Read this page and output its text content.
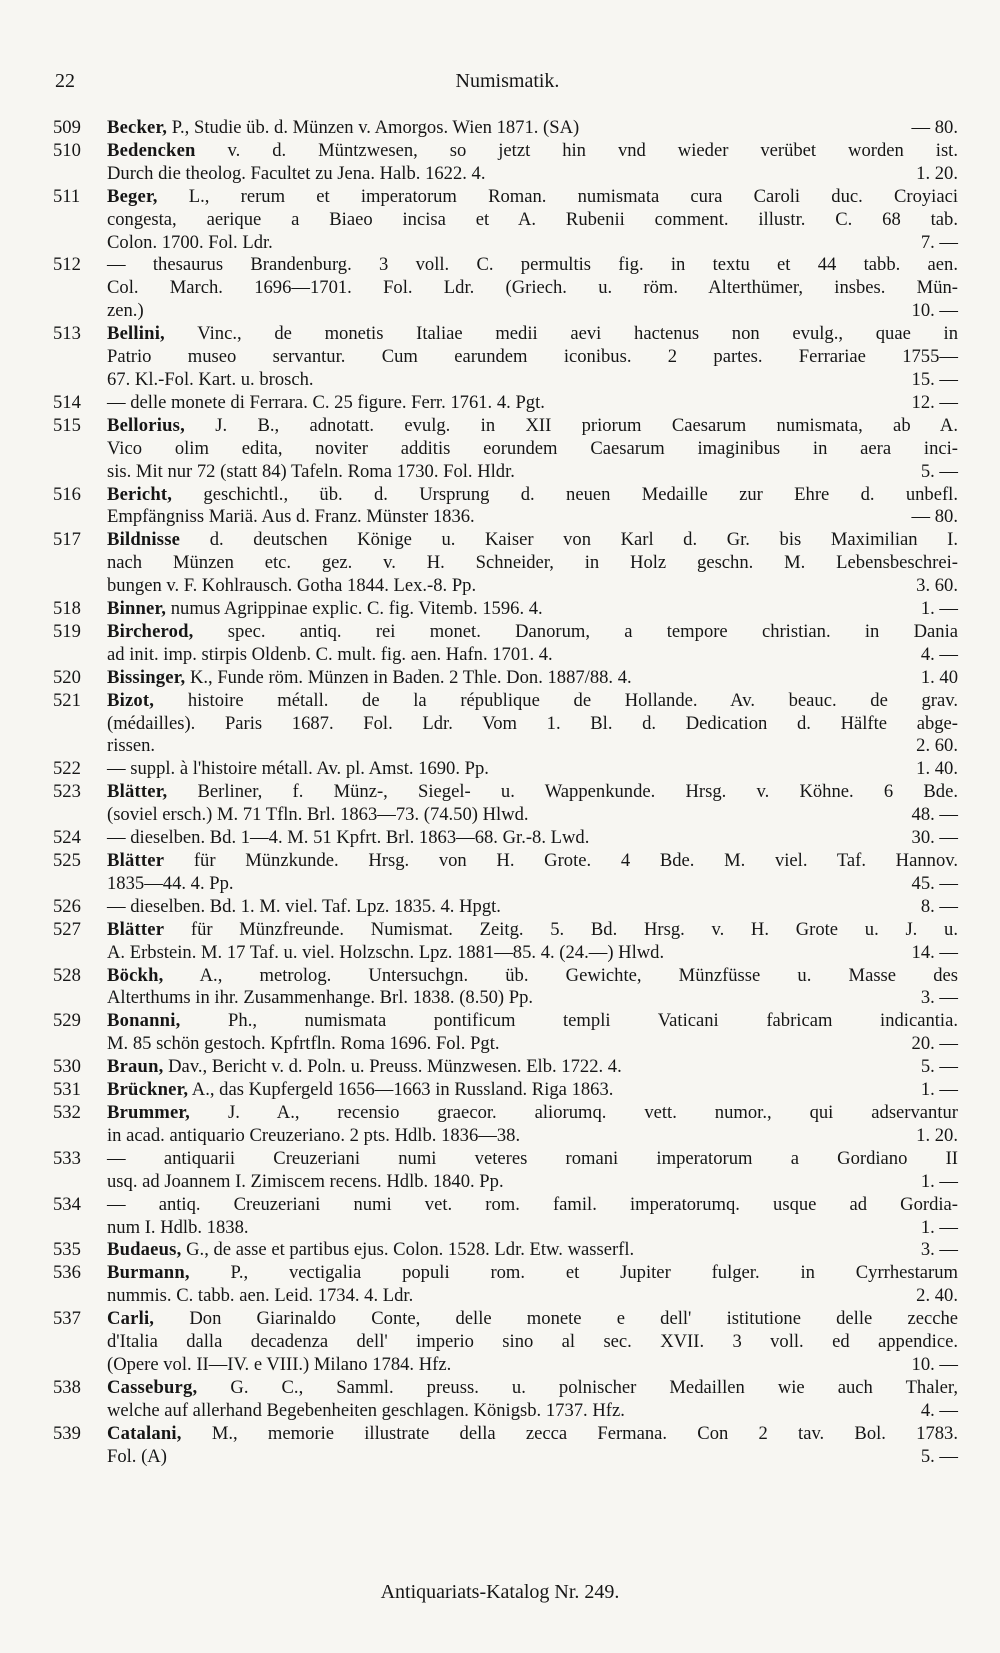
22	Numismatik.
509	Becker, P., Studie üb. d. Münzen v. Amorgos. Wien 1871. (SA)	— 80.
510	Bedencken v. d. Müntzwesen, so jetzt hin vnd wieder verübet worden ist.
Durch die theolog. Facultet zu Jena. Halb. 1622. 4.	1. 20.
511	Beger, L., rerum et imperatorum Roman. numismata cura Caroli duc. Croyiaci
congesta, aerique a Biaeo incisa et A. Rubenii comment. illustr. C. 68 tab.
Colon. 1700. Fol. Ldr.	7. —
512	— thesaurus Brandenburg. 3 voll. C. permultis fig. in textu et 44 tabb. aen.
Col. March. 1696—1701. Fol. Ldr. (Griech. u. röm. Alterthümer, insbes. Mün-
zen.)	10. —
513	Bellini, Vinc., de monetis Italiae medii aevi hactenus non evulg., quae in
Patrio museo servantur. Cum earundem iconibus. 2 partes. Ferrariae 1755—
67. Kl.-Fol. Kart. u. brosch.	15. —
514	— delle monete di Ferrara. C. 25 figure. Ferr. 1761. 4. Pgt.	12. —
515	Bellorius, J. B., adnotatt. evulg. in XII priorum Caesarum numismata, ab A.
Vico olim edita, noviter additis eorundem Caesarum imaginibus in aera inci-
sis. Mit nur 72 (statt 84) Tafeln. Roma 1730. Fol. Hldr.	5. —
516	Bericht, geschichtl., üb. d. Ursprung d. neuen Medaille zur Ehre d. unbefl.
Empfängniss Mariä. Aus d. Franz. Münster 1836.	— 80.
517	Bildnisse d. deutschen Könige u. Kaiser von Karl d. Gr. bis Maximilian I.
nach Münzen etc. gez. v. H. Schneider, in Holz geschn. M. Lebensbeschrei-
bungen v. F. Kohlrausch. Gotha 1844. Lex.-8. Pp.	3. 60.
518	Binner, numus Agrippinae explic. C. fig. Vitemb. 1596. 4.	1. —
519	Bircherod, spec. antiq. rei monet. Danorum, a tempore christian. in Dania
ad init. imp. stirpis Oldenb. C. mult. fig. aen. Hafn. 1701. 4.	4. —
520	Bissinger, K., Funde röm. Münzen in Baden. 2 Thle. Don. 1887/88. 4.	1. 40
521	Bizot, histoire métall. de la république de Hollande. Av. beauc. de grav.
(médailles). Paris 1687. Fol. Ldr. Vom 1. Bl. d. Dedication d. Hälfte abge-
rissen.	2. 60.
522	— suppl. à l'histoire métall. Av. pl. Amst. 1690. Pp.	1. 40.
523	Blätter, Berliner, f. Münz-, Siegel- u. Wappenkunde. Hrsg. v. Köhne. 6 Bde.
(soviel ersch.) M. 71 Tfln. Brl. 1863—73. (74.50) Hlwd.	48. —
524	— dieselben. Bd. 1—4. M. 51 Kpfrt. Brl. 1863—68. Gr.-8. Lwd.	30. —
525	Blätter für Münzkunde. Hrsg. von H. Grote. 4 Bde. M. viel. Taf. Hannov.
1835—44. 4. Pp.	45. —
526	— dieselben. Bd. 1. M. viel. Taf. Lpz. 1835. 4. Hpgt.	8. —
527	Blätter für Münzfreunde. Numismat. Zeitg. 5. Bd. Hrsg. v. H. Grote u. J. u.
A. Erbstein. M. 17 Taf. u. viel. Holzschn. Lpz. 1881—85. 4. (24.—) Hlwd.	14. —
528	Böckh, A., metrolog. Untersuchgn. üb. Gewichte, Münzfüsse u. Masse des
Alterthums in ihr. Zusammenhange. Brl. 1838. (8.50) Pp.	3. —
529	Bonanni, Ph., numismata pontificum templi Vaticani fabricam indicantia.
M. 85 schön gestoch. Kpfrtfln. Roma 1696. Fol. Pgt.	20. —
530	Braun, Dav., Bericht v. d. Poln. u. Preuss. Münzwesen. Elb. 1722. 4.	5. —
531	Brückner, A., das Kupfergeld 1656—1663 in Russland. Riga 1863.	1. —
532	Brummer, J. A., recensio graecor. aliorumq. vett. numor., qui adservantur
in acad. antiquario Creuzeriano. 2 pts. Hdlb. 1836—38.	1. 20.
533	— antiquarii Creuzeriani numi veteres romani imperatorum a Gordiano II
usq. ad Joannem I. Zimiscem recens. Hdlb. 1840. Pp.	1. —
534	— antiq. Creuzeriani numi vet. rom. famil. imperatorumq. usque ad Gordia-
num I. Hdlb. 1838.	1. —
535	Budaeus, G., de asse et partibus ejus. Colon. 1528. Ldr. Etw. wasserfl.	3. —
536	Burmann, P., vectigalia populi rom. et Jupiter fulger. in Cyrrhestarum
nummis. C. tabb. aen. Leid. 1734. 4. Ldr.	2. 40.
537	Carli, Don Giarinaldo Conte, delle monete e dell' istitutione delle zecche
d'Italia dalla decadenza dell' imperio sino al sec. XVII. 3 voll. ed appendice.
(Opere vol. II—IV. e VIII.) Milano 1784. Hfz.	10. —
538	Casseburg, G. C., Samml. preuss. u. polnischer Medaillen wie auch Thaler,
welche auf allerhand Begebenheiten geschlagen. Königsb. 1737. Hfz.	4. —
539	Catalani, M., memorie illustrate della zecca Fermana. Con 2 tav. Bol. 1783.
Fol. (A)	5. —
Antiquariats-Katalog Nr. 249.
